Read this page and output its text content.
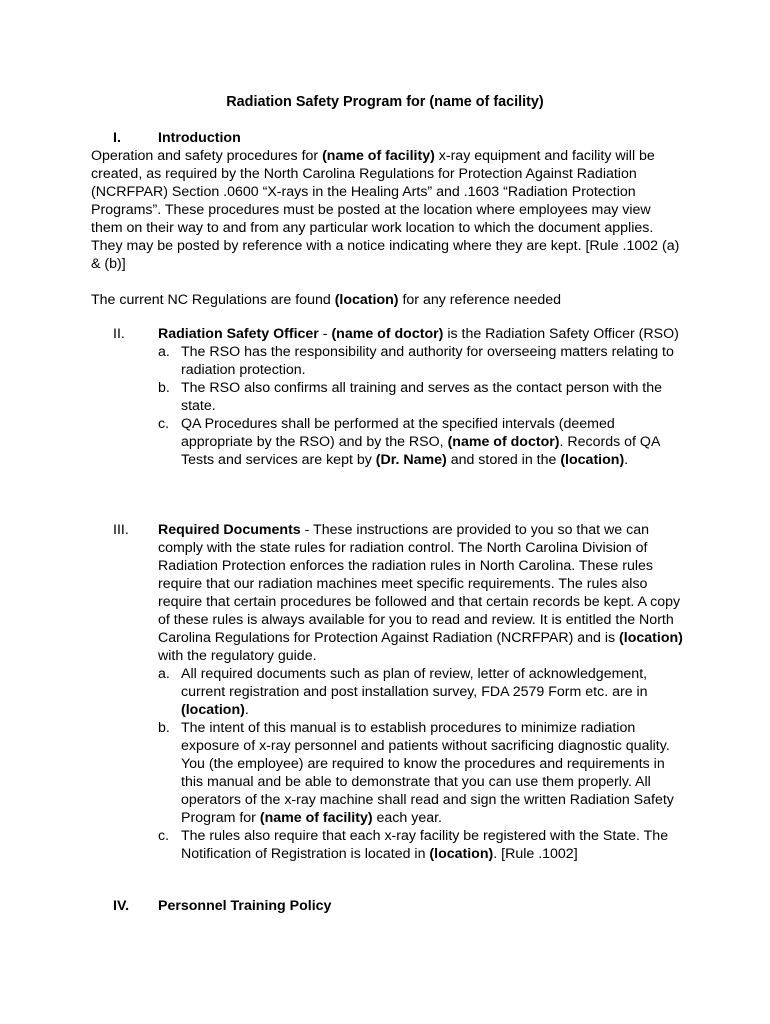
Radiation Safety Program for (name of facility)
I.	Introduction

Operation and safety procedures for (name of facility) x-ray equipment and facility will be created, as required by the North Carolina Regulations for Protection Against Radiation (NCRFPAR) Section .0600 “X-rays in the Healing Arts” and .1603 “Radiation Protection Programs”. These procedures must be posted at the location where employees may view them on their way to and from any particular work location to which the document applies. They may be posted by reference with a notice indicating where they are kept. [Rule .1002 (a) & (b)]

The current NC Regulations are found (location) for any reference needed

II. Radiation Safety Officer - (name of doctor) is the Radiation Safety Officer (RSO)

a. The RSO has the responsibility and authority for overseeing matters relating to radiation protection.
b. The RSO also confirms all training and serves as the contact person with the state.
c. QA Procedures shall be performed at the specified intervals (deemed appropriate by the RSO) and by the RSO, (name of doctor). Records of QA Tests and services are kept by (Dr. Name) and stored in the (location).
III. Required Documents - These instructions are provided to you so that we can comply with the state rules for radiation control. The North Carolina Division of Radiation Protection enforces the radiation rules in North Carolina. These rules require that our radiation machines meet specific requirements. The rules also require that certain procedures be followed and that certain records be kept. A copy of these rules is always available for you to read and review. It is entitled the North Carolina Regulations for Protection Against Radiation (NCRFPAR) and is (location) with the regulatory guide.

a. All required documents such as plan of review, letter of acknowledgement, current registration and post installation survey, FDA 2579 Form etc. are in (location).
b. The intent of this manual is to establish procedures to minimize radiation exposure of x-ray personnel and patients without sacrificing diagnostic quality. You (the employee) are required to know the procedures and requirements in this manual and be able to demonstrate that you can use them properly. All operators of the x-ray machine shall read and sign the written Radiation Safety Program for (name of facility) each year.
c. The rules also require that each x-ray facility be registered with the State. The Notification of Registration is located in (location). [Rule .1002]
IV. Personnel Training Policy
